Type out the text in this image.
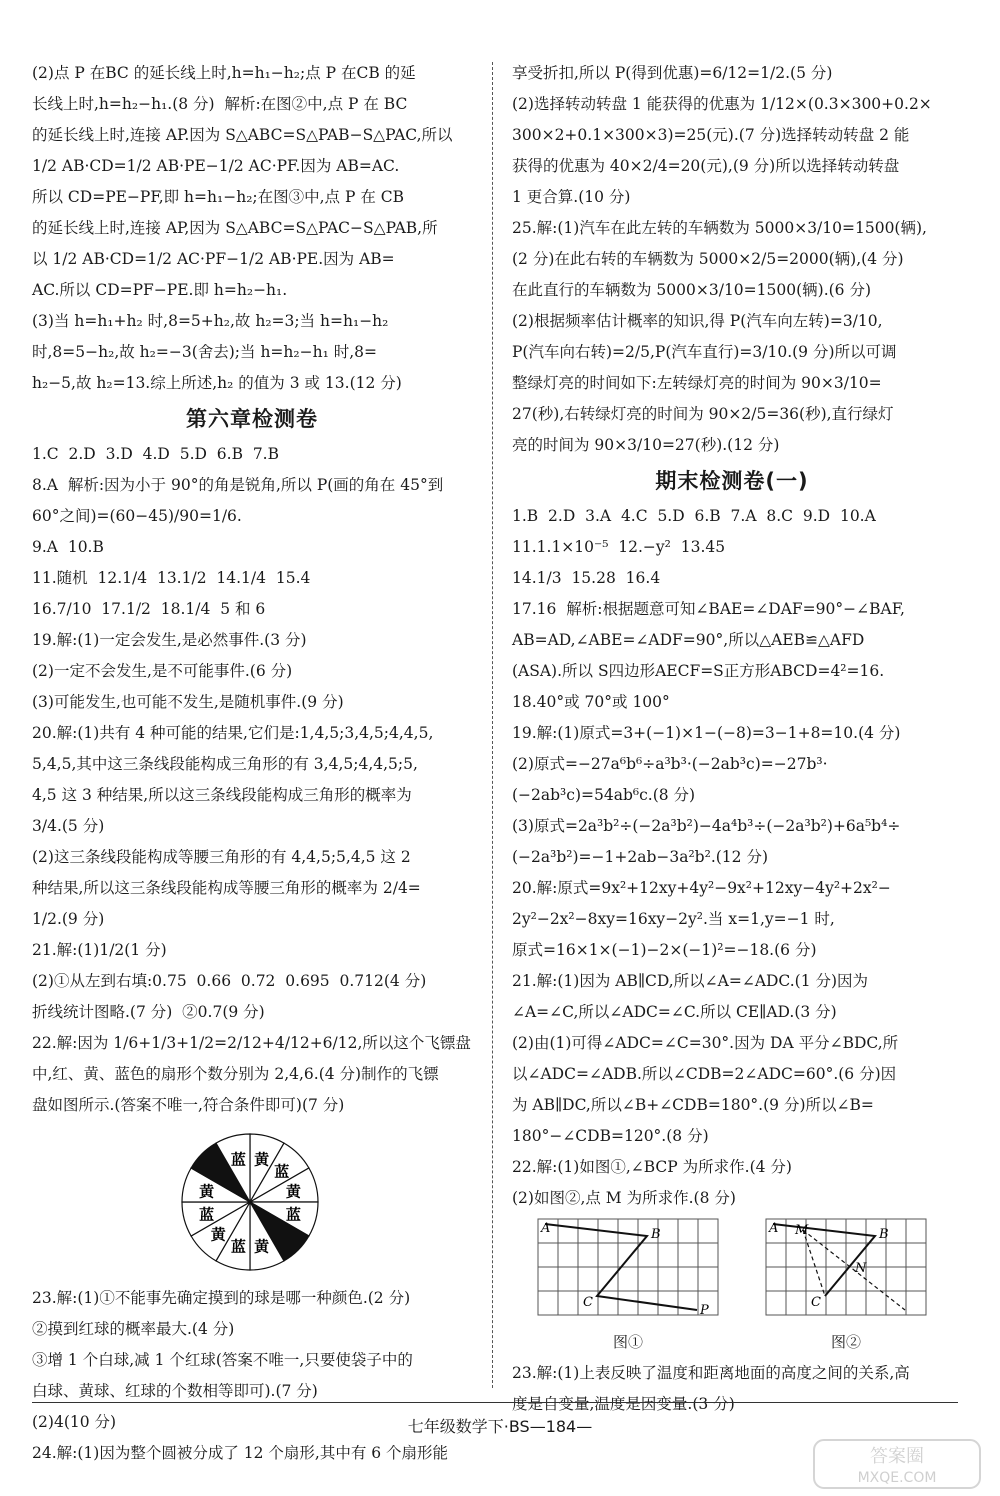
(2)点 P 在BC 的延长线上时,h=h₁−h₂;点 P 在CB 的延

长线上时,h=h₂−h₁.(8 分)  解析:在图②中,点 P 在 BC

的延长线上时,连接 AP.因为 S△ABC=S△PAB−S△PAC,所以

1/2 AB·CD=1/2 AB·PE−1/2 AC·PF.因为 AB=AC.

所以 CD=PE−PF,即 h=h₁−h₂;在图③中,点 P 在 CB

的延长线上时,连接 AP,因为 S△ABC=S△PAC−S△PAB,所

以 1/2 AB·CD=1/2 AC·PF−1/2 AB·PE.因为 AB=

AC.所以 CD=PF−PE.即 h=h₂−h₁.

(3)当 h=h₁+h₂ 时,8=5+h₂,故 h₂=3;当 h=h₁−h₂

时,8=5−h₂,故 h₂=−3(舍去);当 h=h₂−h₁ 时,8=

h₂−5,故 h₂=13.综上所述,h₂ 的值为 3 或 13.(12 分)

第六章检测卷

1.C  2.D  3.D  4.D  5.D  6.B  7.B

8.A  解析:因为小于 90°的角是锐角,所以 P(画的角在 45°到

60°之间)=(60−45)/90=1/6.

9.A  10.B

11.随机  12.1/4  13.1/2  14.1/4  15.4

16.7/10  17.1/2  18.1/4  5 和 6

19.解:(1)一定会发生,是必然事件.(3 分)

(2)一定不会发生,是不可能事件.(6 分)

(3)可能发生,也可能不发生,是随机事件.(9 分)

20.解:(1)共有 4 种可能的结果,它们是:1,4,5;3,4,5;4,4,5,

5,4,5,其中这三条线段能构成三角形的有 3,4,5;4,4,5;5,

4,5 这 3 种结果,所以这三条线段能构成三角形的概率为

3/4.(5 分)

(2)这三条线段能构成等腰三角形的有 4,4,5;5,4,5 这 2

种结果,所以这三条线段能构成等腰三角形的概率为 2/4=

1/2.(9 分)

21.解:(1)1/2(1 分)

(2)①从左到右填:0.75  0.66  0.72  0.695  0.712(4 分)

折线统计图略.(7 分)  ②0.7(9 分)

22.解:因为 1/6+1/3+1/2=2/12+4/12+6/12,所以这个飞镖盘

中,红、黄、蓝色的扇形个数分别为 2,4,6.(4 分)制作的飞镖

盘如图所示.(答案不唯一,符合条件即可)(7 分)

黄
蓝
黄
蓝
黄
蓝
黄
蓝
黄
蓝

23.解:(1)①不能事先确定摸到的球是哪一种颜色.(2 分)

②摸到红球的概率最大.(4 分)

③增 1 个白球,减 1 个红球(答案不唯一,只要使袋子中的

白球、黄球、红球的个数相等即可).(7 分)

(2)4(10 分)

24.解:(1)因为整个圆被分成了 12 个扇形,其中有 6 个扇形能

享受折扣,所以 P(得到优惠)=6/12=1/2.(5 分)

(2)选择转动转盘 1 能获得的优惠为 1/12×(0.3×300+0.2×

300×2+0.1×300×3)=25(元).(7 分)选择转动转盘 2 能

获得的优惠为 40×2/4=20(元),(9 分)所以选择转动转盘

1 更合算.(10 分)

25.解:(1)汽车在此左转的车辆数为 5000×3/10=1500(辆),

(2 分)在此右转的车辆数为 5000×2/5=2000(辆),(4 分)

在此直行的车辆数为 5000×3/10=1500(辆).(6 分)

(2)根据频率估计概率的知识,得 P(汽车向左转)=3/10,

P(汽车向右转)=2/5,P(汽车直行)=3/10.(9 分)所以可调

整绿灯亮的时间如下:左转绿灯亮的时间为 90×3/10=

27(秒),右转绿灯亮的时间为 90×2/5=36(秒),直行绿灯

亮的时间为 90×3/10=27(秒).(12 分)

期末检测卷(一)

1.B  2.D  3.A  4.C  5.D  6.B  7.A  8.C  9.D  10.A

11.1.1×10⁻⁵  12.−y²  13.45

14.1/3  15.28  16.4

17.16  解析:根据题意可知∠BAE=∠DAF=90°−∠BAF,

AB=AD,∠ABE=∠ADF=90°,所以△AEB≌△AFD

(ASA).所以 S四边形AECF=S正方形ABCD=4²=16.

18.40°或 70°或 100°

19.解:(1)原式=3+(−1)×1−(−8)=3−1+8=10.(4 分)

(2)原式=−27a⁶b⁶÷a³b³·(−2ab³c)=−27b³·

(−2ab³c)=54ab⁶c.(8 分)

(3)原式=2a³b²÷(−2a³b²)−4a⁴b³÷(−2a³b²)+6a⁵b⁴÷

(−2a³b²)=−1+2ab−3a²b².(12 分)

20.解:原式=9x²+12xy+4y²−9x²+12xy−4y²+2x²−

2y²−2x²−8xy=16xy−2y².当 x=1,y=−1 时,

原式=16×1×(−1)−2×(−1)²=−18.(6 分)

21.解:(1)因为 AB∥CD,所以∠A=∠ADC.(1 分)因为

∠A=∠C,所以∠ADC=∠C.所以 CE∥AD.(3 分)

(2)由(1)可得∠ADC=∠C=30°.因为 DA 平分∠BDC,所

以∠ADC=∠ADB.所以∠CDB=2∠ADC=60°.(6 分)因

为 AB∥DC,所以∠B+∠CDB=180°.(9 分)所以∠B=

180°−∠CDB=120°.(8 分)

22.解:(1)如图①,∠BCP 为所求作.(4 分)

(2)如图②,点 M 为所求作.(8 分)

A	B
C
P
图①
A M	B
N
C
图②

23.解:(1)上表反映了温度和距离地面的高度之间的关系,高

度是自变量,温度是因变量.(3 分)

七年级数学下·BS—184—
答案圈
MXQE.COM
